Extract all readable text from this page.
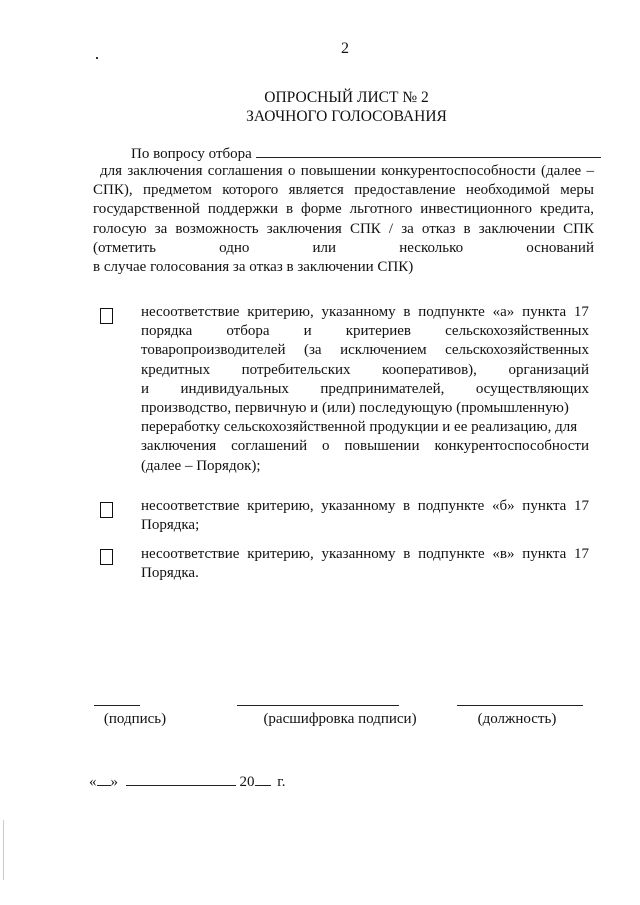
2
ОПРОСНЫЙ ЛИСТ № 2
ЗАОЧНОГО ГОЛОСОВАНИЯ
По вопросу отбора
для заключения соглашения о повышении конкурентоспособности (далее –
СПК), предметом которого является предоставление необходимой меры
государственной поддержки в форме льготного инвестиционного кредита,
голосую за возможность заключения СПК / за отказ в заключении СПК
(отметить	одно	или	несколько	оснований
в случае голосования за отказ в заключении СПК)
несоответствие критерию, указанному в подпункте «а» пункта 17
порядка отбора и критериев сельскохозяйственных
товаропроизводителей (за исключением сельскохозяйственных
кредитных потребительских кооперативов), организаций
и индивидуальных предпринимателей, осуществляющих
производство, первичную и (или) последующую (промышленную)
переработку сельскохозяйственной продукции и ее реализацию, для
заключения соглашений о повышении конкурентоспособности
(далее – Порядок);
несоответствие критерию, указанному в подпункте «б» пункта 17
Порядка;
несоответствие критерию, указанному в подпункте «в» пункта 17
Порядка.
(подпись)	(расшифровка подписи)	(должность)
« »	20 г.
